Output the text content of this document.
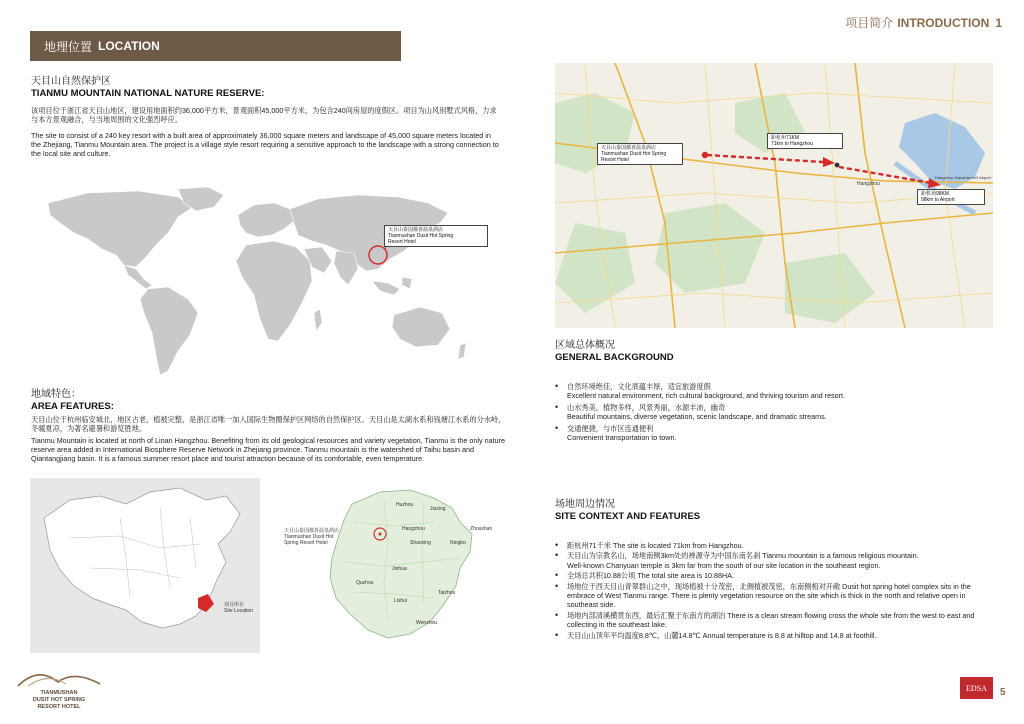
项目简介 INTRODUCTION 1
地理位置 LOCATION
天目山自然保护区
TIANMU MOUNTAIN NATIONAL NATURE RESERVE:
该项目位于浙江省天目山地区，建设用地面积约36,000平方米，景观面积45,000平方米，为包含240间房屋的度假区。项目为山风别墅式风格，力求与本方景观融合，与当地周围的文化强烈呼应。
The site to consist of a 240 key resort with a built area of approximately 36,000 square meters and landscape of 45,000 square meters located in the Zhejiang, Tianmu Mountain area. The project is a village style resort requiring a sensitive approach to the landscape with a strong connection to the local site and culture.
天目山泰国都喜温泉酒店
Tianmushan Dusit Hot Spring
Resort Hotel
地域特色：
AREA FEATURES:
天目山位于杭州临安城北，地区古老，植被完整，是浙江省唯一加入国际生物圈保护区网络的自然保护区。天目山是太湖水系和钱塘江水系的分水岭，冬暖夏凉，为著名避暑和游览胜地。
Tianmu Mountain is located at north of Linan Hangzhou. Benefiting from its old geological resources and variety vegetation, Tianmu is the only nature reserve area added in International Biosphere Reserve Network in Zhejiang province. Tianmu mountain is the watershed of Taihu basin and Qiantangjiang basin. It is a famous summer resort place and tourist attraction because of its comfortable, even temperature.
项目所在
Site Location
天目山泰国都喜温泉酒店
Tianmushan Dusit Hot
Spring Resort Hotel
Huzhou
Jiaxing
Hangzhou	Zhoushan
Shaoxing	Ningbo
Jinhua
Taizhou
Quzhou
Lishui
Wenzhou
天目山泰国都喜温泉酒店
Tianmushan Dusit Hot Spring
Resort Hotel
距杭州71KM
71km to Hangzhou
距机场98KM
98km to Airport
Hangzhou
Hangzhou Xiaoshan Int'l Airport
区域总体概况
GENERAL BACKGROUND
• 自然环境绝佳，文化底蕴丰厚，适宜旅游度假
Excellent natural environment, rich cultural background, and thriving tourism and resort.
• 山水秀美，植物多样，风景秀丽，水源丰沛，幽奇
Beautiful mountains, diverse vegetation, scenic landscape, and dramatic streams.
• 交通便捷，与市区连通便利
Convenient transportation to town.
场地周边情况
SITE CONTEXT AND FEATURES
• 距杭州71千米 The site is located 71km from Hangzhou.
• 天目山为宗教名山，场地南侧3km处的禅源寺为中国东南名刹 Tianmu mountain is a famous religious mountain.
Well-known Chanyuan temple is 3km far from the south of our site location in the southeast region.
• 全场总共积10.88公顷 The total site area is 10.88HA.
• 场地位于西天目山青翠群山之中，现场植被十分茂密，北侧植被茂密，东南侧相对开敞 Dusit hot spring hotel complex sits in the embrace of West Tianmu range. There is plenty vegetation resource on the site which is thick in the north and relative open in southeast side.
• 场地内部清溪横贯东西，最后汇聚于东南方的湖泊 There is a clean stream flowing cross the whole site from the west to east and collecting in the southeast lake.
• 天目山山顶年平均温度8.8℃，山麓14.8℃ Annual temperature is 8.8 at hilltop and 14.8 at foothill.
TIANMUSHAN
DUSIT HOT SPRING
RESORT HOTEL
EDSA	5
